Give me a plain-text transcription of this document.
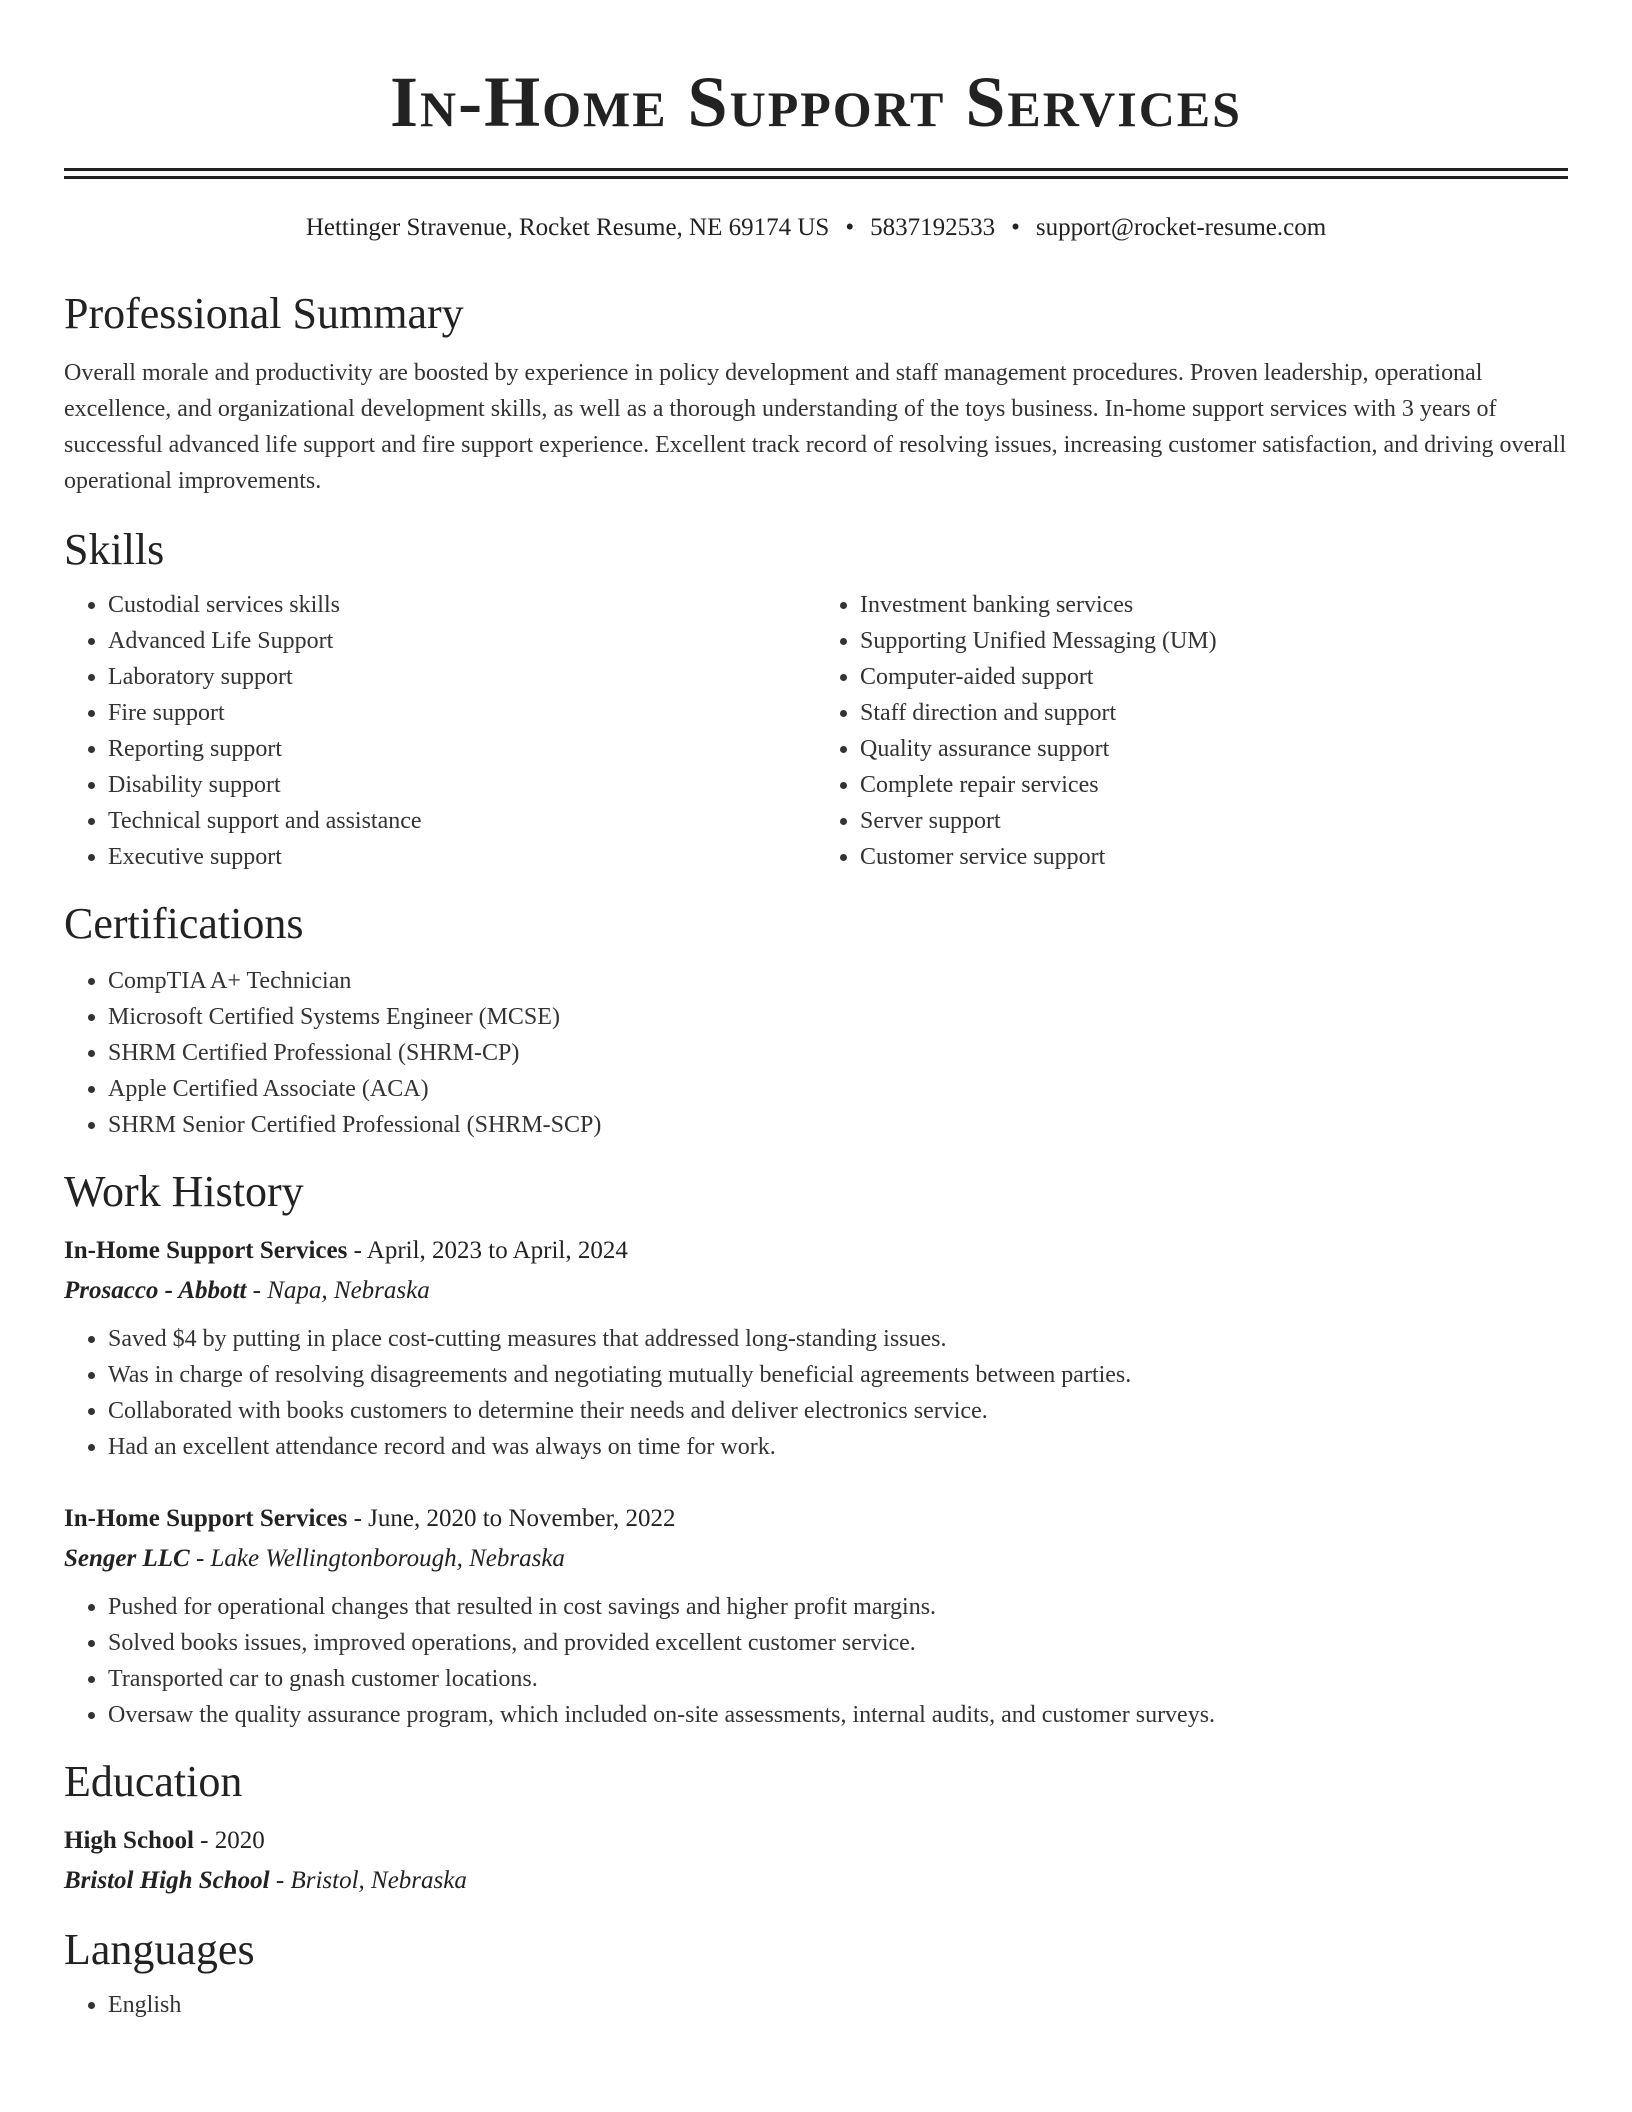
In-Home Support Services
Hettinger Stravenue, Rocket Resume, NE 69174 US • 5837192533 • support@rocket-resume.com
Professional Summary

Overall morale and productivity are boosted by experience in policy development and staff management procedures. Proven leadership, operational excellence, and organizational development skills, as well as a thorough understanding of the toys business. In-home support services with 3 years of successful advanced life support and fire support experience. Excellent track record of resolving issues, increasing customer satisfaction, and driving overall operational improvements.

Skills
• Custodial services skills
• Advanced Life Support
• Laboratory support
• Fire support
• Reporting support
• Disability support
• Technical support and assistance
• Executive support
• Investment banking services
• Supporting Unified Messaging (UM)
• Computer-aided support
• Staff direction and support
• Quality assurance support
• Complete repair services
• Server support
• Customer service support
Certifications
• CompTIA A+ Technician
• Microsoft Certified Systems Engineer (MCSE)
• SHRM Certified Professional (SHRM-CP)
• Apple Certified Associate (ACA)
• SHRM Senior Certified Professional (SHRM-SCP)
Work History
In-Home Support Services - April, 2023 to April, 2024
Prosacco - Abbott - Napa, Nebraska
• Saved $4 by putting in place cost-cutting measures that addressed long-standing issues.
• Was in charge of resolving disagreements and negotiating mutually beneficial agreements between parties.
• Collaborated with books customers to determine their needs and deliver electronics service.
• Had an excellent attendance record and was always on time for work.
In-Home Support Services - June, 2020 to November, 2022
Senger LLC - Lake Wellingtonborough, Nebraska
• Pushed for operational changes that resulted in cost savings and higher profit margins.
• Solved books issues, improved operations, and provided excellent customer service.
• Transported car to gnash customer locations.
• Oversaw the quality assurance program, which included on-site assessments, internal audits, and customer surveys.
Education
High School - 2020
Bristol High School - Bristol, Nebraska
Languages
• English
